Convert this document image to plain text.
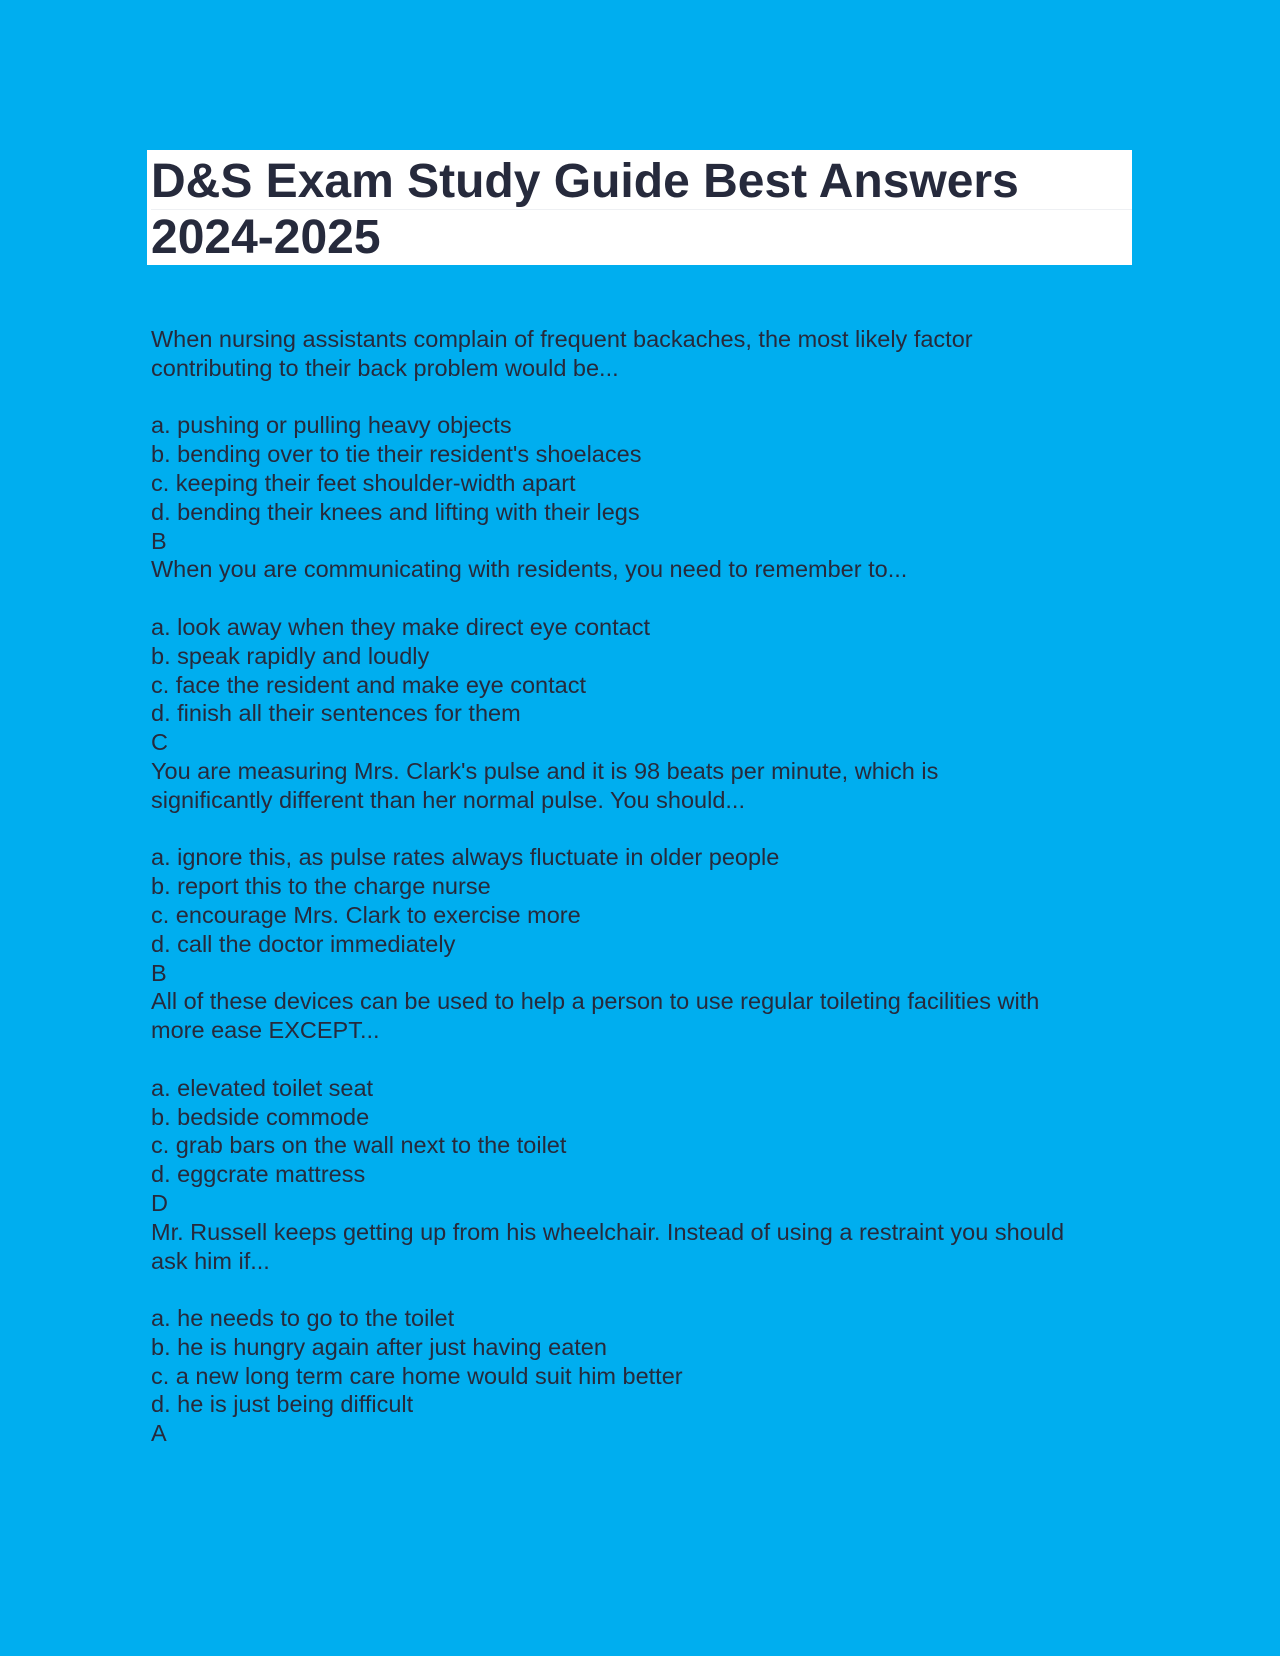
D&S Exam Study Guide Best Answers
2024-2025
When nursing assistants complain of frequent backaches, the most likely factor
contributing to their back problem would be...
a. pushing or pulling heavy objects
b. bending over to tie their resident's shoelaces
c. keeping their feet shoulder-width apart
d. bending their knees and lifting with their legs
B
When you are communicating with residents, you need to remember to...
a. look away when they make direct eye contact
b. speak rapidly and loudly
c. face the resident and make eye contact
d. finish all their sentences for them
C
You are measuring Mrs. Clark's pulse and it is 98 beats per minute, which is
significantly different than her normal pulse. You should...
a. ignore this, as pulse rates always fluctuate in older people
b. report this to the charge nurse
c. encourage Mrs. Clark to exercise more
d. call the doctor immediately
B
All of these devices can be used to help a person to use regular toileting facilities with
more ease EXCEPT...
a. elevated toilet seat
b. bedside commode
c. grab bars on the wall next to the toilet
d. eggcrate mattress
D
Mr. Russell keeps getting up from his wheelchair. Instead of using a restraint you should
ask him if...
a. he needs to go to the toilet
b. he is hungry again after just having eaten
c. a new long term care home would suit him better
d. he is just being difficult
A
